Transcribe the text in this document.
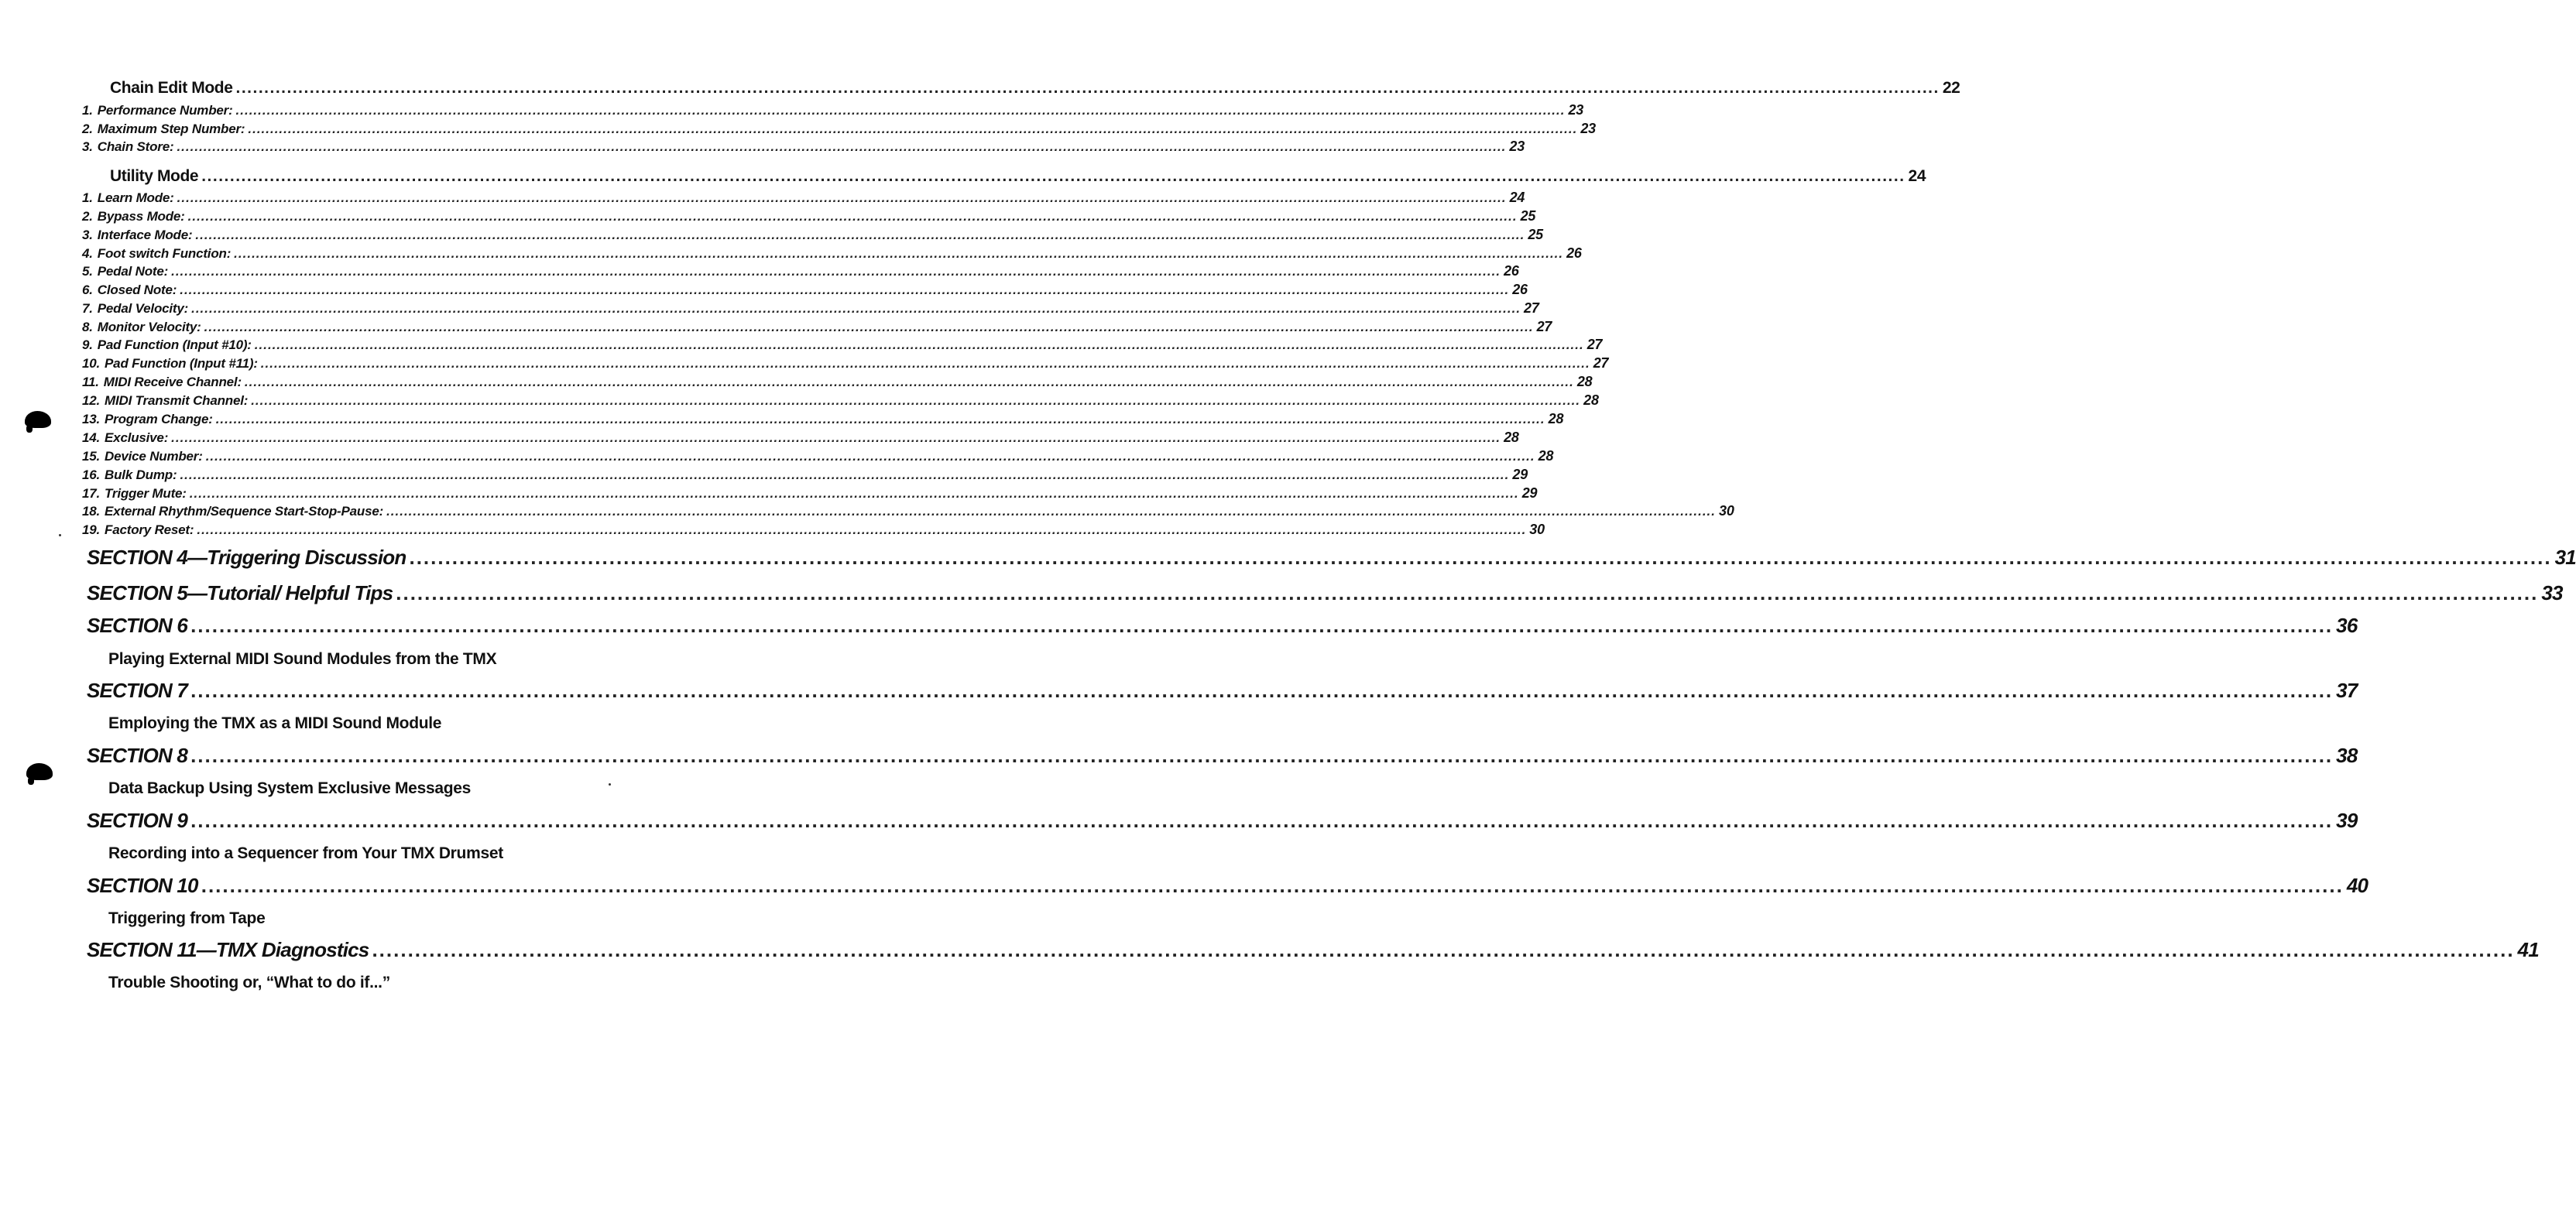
Chain Edit Mode ............................................................................................................................................................................................................................................................................................................ 22
1. Performance Number: ............................................................................................................................................................................................................................................................................................................ 23
2. Maximum Step Number: ............................................................................................................................................................................................................................................................................................................ 23
3. Chain Store: ............................................................................................................................................................................................................................................................................................................ 23
Utility Mode ............................................................................................................................................................................................................................................................................................................ 24
1. Learn Mode: ............................................................................................................................................................................................................................................................................................................ 24
2. Bypass Mode: ............................................................................................................................................................................................................................................................................................................ 25
3. Interface Mode: ............................................................................................................................................................................................................................................................................................................ 25
4. Foot switch Function: ............................................................................................................................................................................................................................................................................................................ 26
5. Pedal Note: ............................................................................................................................................................................................................................................................................................................ 26
6. Closed Note: ............................................................................................................................................................................................................................................................................................................ 26
7. Pedal Velocity: ............................................................................................................................................................................................................................................................................................................ 27
8. Monitor Velocity: ............................................................................................................................................................................................................................................................................................................ 27
9. Pad Function (Input #10): ............................................................................................................................................................................................................................................................................................................ 27
10. Pad Function (Input #11): ............................................................................................................................................................................................................................................................................................................ 27
11. MIDI Receive Channel: ............................................................................................................................................................................................................................................................................................................ 28
12. MIDI Transmit Channel: ............................................................................................................................................................................................................................................................................................................ 28
13. Program Change: ............................................................................................................................................................................................................................................................................................................ 28
14. Exclusive: ............................................................................................................................................................................................................................................................................................................ 28
15. Device Number: ............................................................................................................................................................................................................................................................................................................ 28
16. Bulk Dump: ............................................................................................................................................................................................................................................................................................................ 29
17. Trigger Mute: ............................................................................................................................................................................................................................................................................................................ 29
18. External Rhythm/Sequence Start-Stop-Pause: ............................................................................................................................................................................................................................................................................................................ 30
19. Factory Reset: ............................................................................................................................................................................................................................................................................................................ 30
SECTION 4—Triggering Discussion ............................................................................................................................................................................................................................................................................................................ 31
SECTION 5—Tutorial/ Helpful Tips ............................................................................................................................................................................................................................................................................................................ 33
SECTION 6 ............................................................................................................................................................................................................................................................................................................ 36
Playing External MIDI Sound Modules from the TMX
SECTION 7 ............................................................................................................................................................................................................................................................................................................ 37
Employing the TMX as a MIDI Sound Module
SECTION 8 ............................................................................................................................................................................................................................................................................................................ 38
Data Backup Using System Exclusive Messages
SECTION 9 ............................................................................................................................................................................................................................................................................................................ 39
Recording into a Sequencer from Your TMX Drumset
SECTION 10 ............................................................................................................................................................................................................................................................................................................ 40
Triggering from Tape
SECTION 11—TMX Diagnostics ............................................................................................................................................................................................................................................................................................................ 41
Trouble Shooting or, “What to do if...”
